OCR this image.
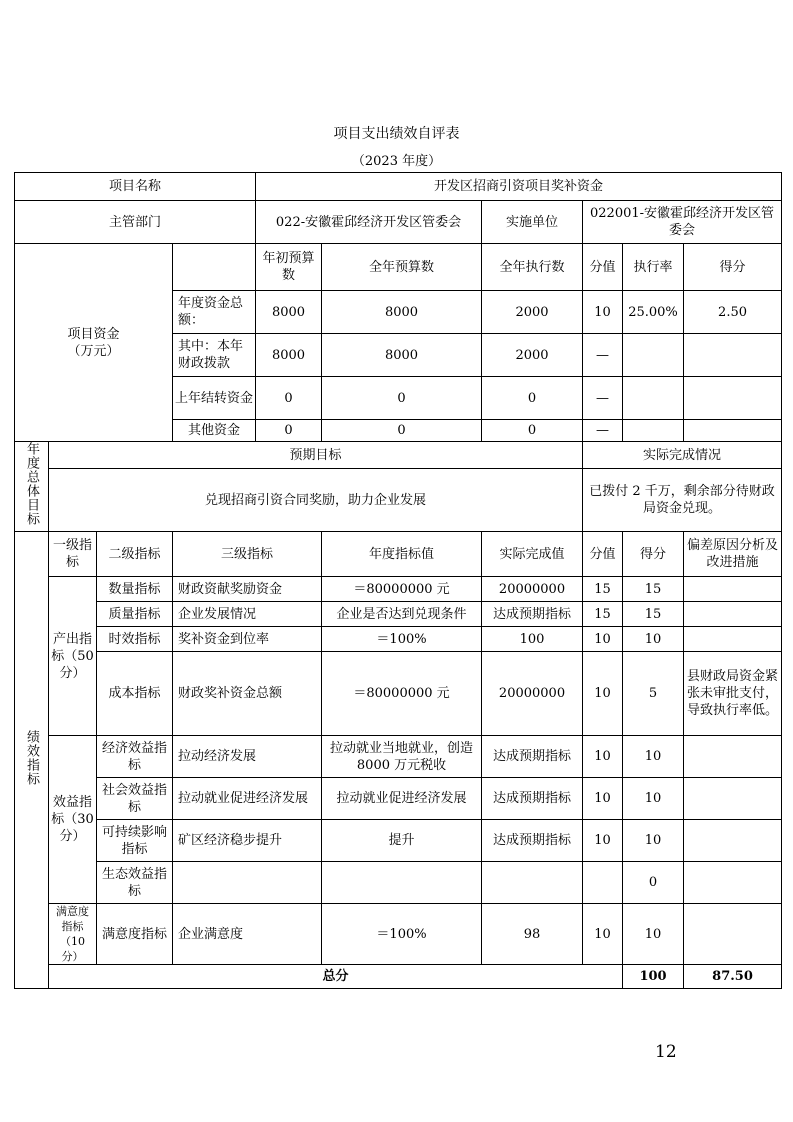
项目支出绩效自评表
（2023 年度）
项目名称				开发区招商引资项目奖补资金						
主管部门				022-安徽霍邱经济开发区管委会		实施单位	022001-安徽霍邱经济开发区管委会			

项目资金
（万元）				年初预算数	全年预算数	全年执行数	分值	执行率	得分	
			年度资金总额：	8000	8000	2000	10	25.00%	2.50	
			其中：本年财政拨款	8000	8000	2000	—			
			上年结转资金	0	0	0	—			
			其他资金	0	0	0	—			
年度总体目标	预期目标						实际完成情况			
	兑现招商引资合同奖励，助力企业发展						已拨付 2 千万，剩余部分待财政局资金兑现。			
绩效指标	一级指标	二级指标	三级指标		年度指标值	实际完成值	分值	得分	偏差原因分析及改进措施	
	产出指标（50分）	数量指标	财政资献奖励资金		＝80000000 元	20000000	15	15		
		质量指标	企业发展情况		企业是否达到兑现条件	达成预期指标	15	15		
		时效指标	奖补资金到位率		＝100%	100	10	10		
		成本指标	财政奖补资金总额		＝80000000 元	20000000	10	5	县财政局资金紧张未审批支付，导致执行率低。	
	效益指标（30分）	经济效益指标	拉动经济发展		拉动就业当地就业，创造 8000 万元税收	达成预期指标	10	10		
		社会效益指标	拉动就业促进经济发展		拉动就业促进经济发展	达成预期指标	10	10		
		可持续影响指标	矿区经济稳步提升		提升	达成预期指标	10	10		
		生态效益指标						0		
	满意度指标（10 分）	满意度指标	企业满意度		＝100%	98	10	10		
	总分							100	87.50	
12
